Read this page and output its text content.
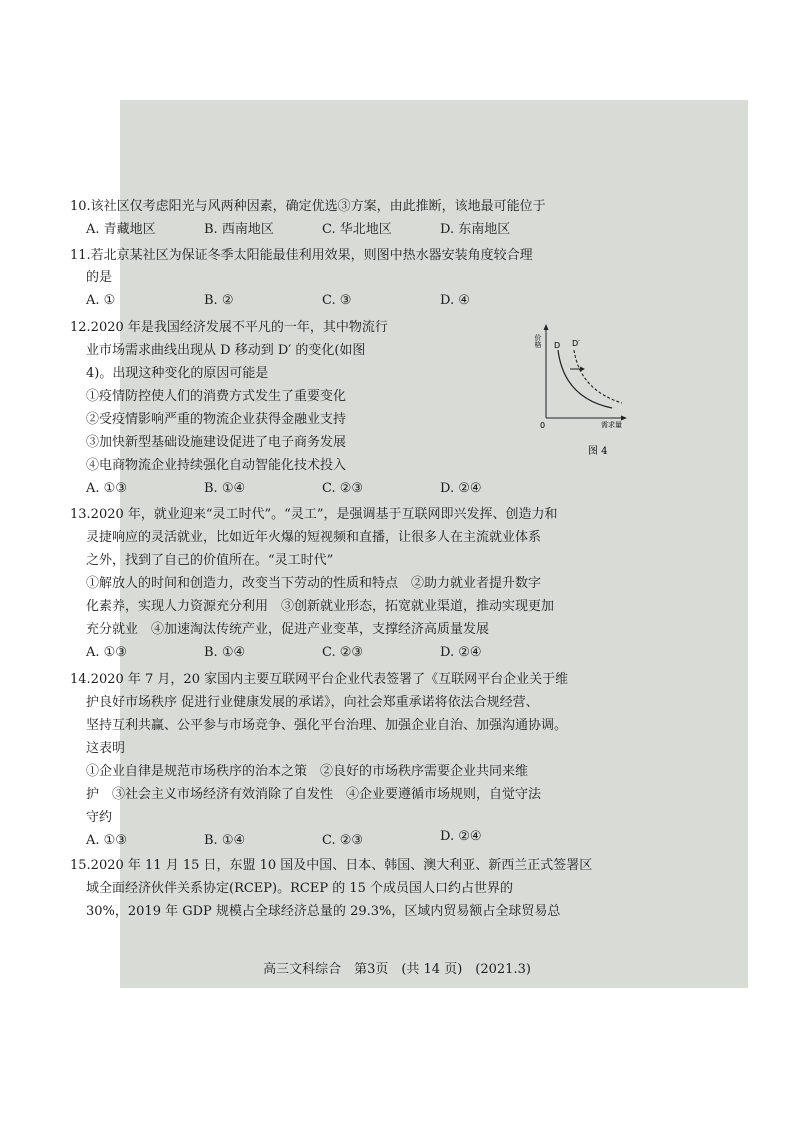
10.该社区仅考虑阳光与风两种因素，确定优选③方案，由此推断，该地最可能位于
A. 青藏地区	B. 西南地区	C. 华北地区	D. 东南地区
11.若北京某社区为保证冬季太阳能最佳利用效果，则图中热水器安装角度较合理
的是
A. ①	B. ②	C. ③	D. ④
12.2020 年是我国经济发展不平凡的一年，其中物流行
业市场需求曲线出现从 D 移动到 D′ 的变化(如图
4)。出现这种变化的原因可能是
①疫情防控使人们的消费方式发生了重要变化
②受疫情影响严重的物流企业获得金融业支持
③加快新型基础设施建设促进了电子商务发展
④电商物流企业持续强化自动智能化技术投入
A. ①③	B. ①④	C. ②③	D. ②④
价格
需求量
0
D D′
图 4
13.2020 年，就业迎来“灵工时代”。“灵工”，是强调基于互联网即兴发挥、创造力和
灵捷响应的灵活就业，比如近年火爆的短视频和直播，让很多人在主流就业体系
之外，找到了自己的价值所在。“灵工时代”
①解放人的时间和创造力，改变当下劳动的性质和特点　②助力就业者提升数字
化素养，实现人力资源充分利用　③创新就业形态，拓宽就业渠道，推动实现更加
充分就业　④加速淘汰传统产业，促进产业变革，支撑经济高质量发展
A. ①③	B. ①④	C. ②③	D. ②④
14.2020 年 7 月，20 家国内主要互联网平台企业代表签署了《互联网平台企业关于维
护良好市场秩序 促进行业健康发展的承诺》，向社会郑重承诺将依法合规经营、
坚持互利共赢、公平参与市场竞争、强化平台治理、加强企业自治、加强沟通协调。
这表明
①企业自律是规范市场秩序的治本之策　②良好的市场秩序需要企业共同来维
护　③社会主义市场经济有效消除了自发性　④企业要遵循市场规则，自觉守法
守约
A. ①③	B. ①④	C. ②③	D. ②④
15.2020 年 11 月 15 日，东盟 10 国及中国、日本、韩国、澳大利亚、新西兰正式签署区
域全面经济伙伴关系协定(RCEP)。RCEP 的 15 个成员国人口约占世界的
30%，2019 年 GDP 规模占全球经济总量的 29.3%，区域内贸易额占全球贸易总
高三文科综合　第3页　(共 14 页)　(2021.3)
